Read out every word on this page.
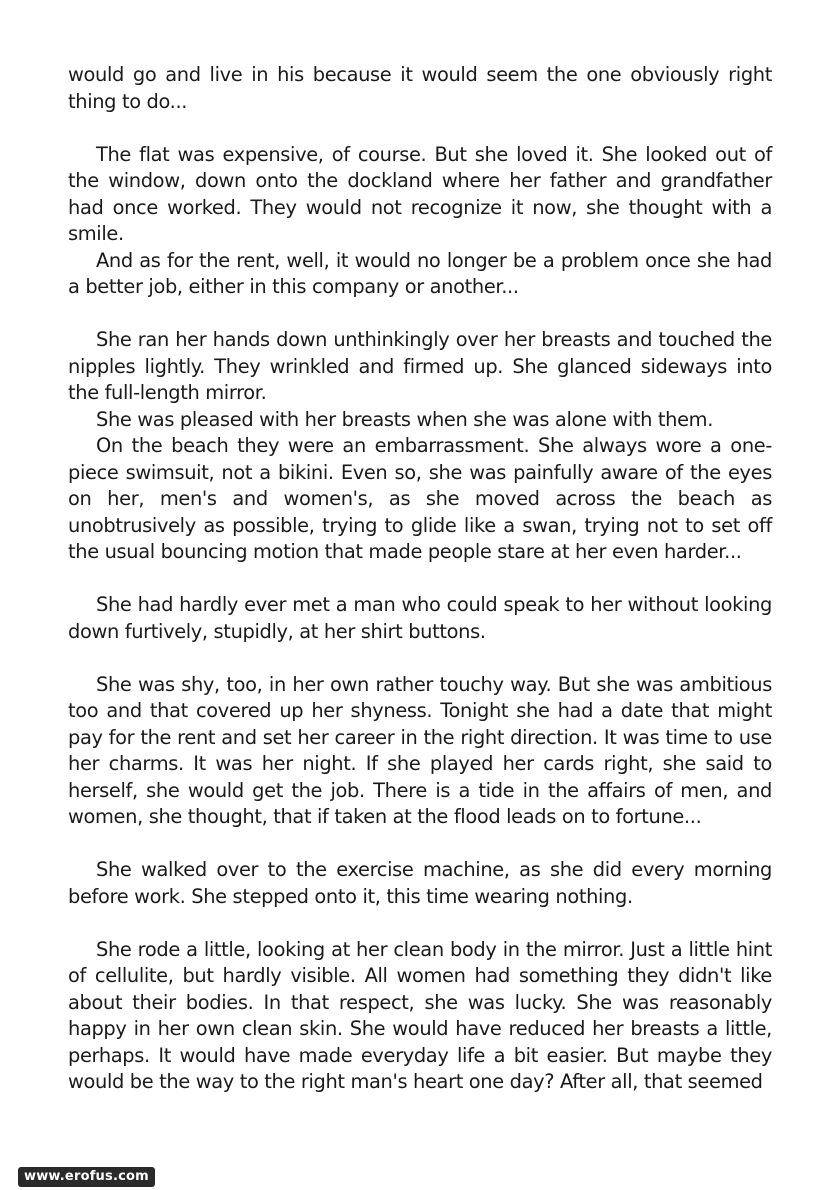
would go and live in his because it would seem the one obviously right thing to do...

The flat was expensive, of course. But she loved it. She looked out of the window, down onto the dockland where her father and grandfather had once worked. They would not recognize it now, she thought with a smile.

And as for the rent, well, it would no longer be a problem once she had a better job, either in this company or another...

She ran her hands down unthinkingly over her breasts and touched the nipples lightly. They wrinkled and firmed up. She glanced sideways into the full-length mirror.

She was pleased with her breasts when she was alone with them.

On the beach they were an embarrassment. She always wore a one-piece swimsuit, not a bikini. Even so, she was painfully aware of the eyes on her, men's and women's, as she moved across the beach as unobtrusively as possible, trying to glide like a swan, trying not to set off the usual bouncing motion that made people stare at her even harder...

She had hardly ever met a man who could speak to her without looking down furtively, stupidly, at her shirt buttons.

She was shy, too, in her own rather touchy way. But she was ambitious too and that covered up her shyness. Tonight she had a date that might pay for the rent and set her career in the right direction. It was time to use her charms. It was her night. If she played her cards right, she said to herself, she would get the job. There is a tide in the affairs of men, and women, she thought, that if taken at the flood leads on to fortune...

She walked over to the exercise machine, as she did every morning before work. She stepped onto it, this time wearing nothing.

She rode a little, looking at her clean body in the mirror. Just a little hint of cellulite, but hardly visible. All women had something they didn't like about their bodies. In that respect, she was lucky. She was reasonably happy in her own clean skin. She would have reduced her breasts a little, perhaps. It would have made everyday life a bit easier. But maybe they would be the way to the right man's heart one day? After all, that seemed

www.erofus.com
